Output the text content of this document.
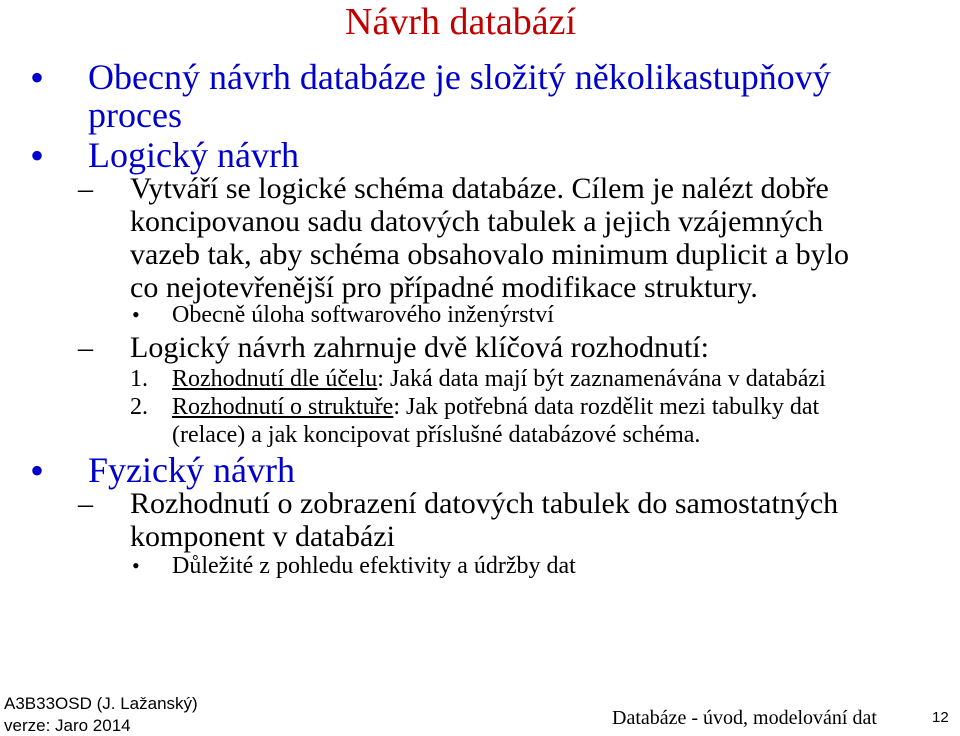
Návrh databází
• Obecný návrh databáze je složitý několikastupňový
proces
• Logický návrh
– Vytváří se logické schéma databáze. Cílem je nalézt dobře
koncipovanou sadu datových tabulek a jejich vzájemných
vazeb tak, aby schéma obsahovalo minimum duplicit a bylo
co nejotevřenější pro případné modifikace struktury.
• Obecně úloha softwarového inženýrství
– Logický návrh zahrnuje dvě klíčová rozhodnutí:
1. Rozhodnutí dle účelu: Jaká data mají být zaznamenávána v databázi
2. Rozhodnutí o struktuře: Jak potřebná data rozdělit mezi tabulky dat
(relace) a jak koncipovat příslušné databázové schéma.
• Fyzický návrh
– Rozhodnutí o zobrazení datových tabulek do samostatných
komponent v databázi
• Důležité z pohledu efektivity a údržby dat
A3B33OSD (J. Lažanský)
verze: Jaro 2014	Databáze - úvod, modelování dat	12
